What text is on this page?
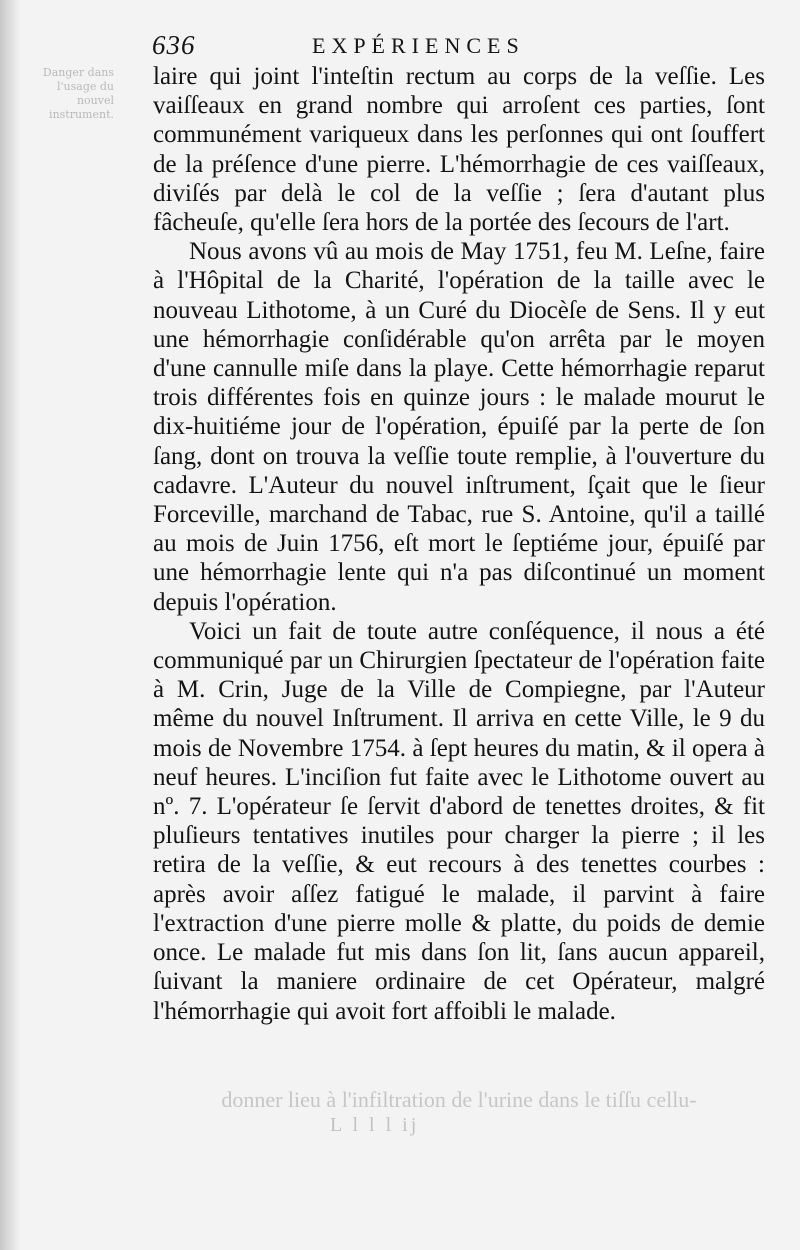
Danger dans l'usage du nouvel instrument.
636	EXPÉRIENCES

laire qui joint l'inteſtin rectum au corps de la veſſie. Les vaiſſeaux en grand nombre qui arroſent ces parties, ſont communément variqueux dans les perſonnes qui ont ſouffert de la préſence d'une pierre. L'hémorrhagie de ces vaiſſeaux, diviſés par delà le col de la veſſie ; ſera d'autant plus fâcheuſe, qu'elle ſera hors de la portée des ſecours de l'art.

Nous avons vû au mois de May 1751, feu M. Leſne, faire à l'Hôpital de la Charité, l'opération de la taille avec le nouveau Lithotome, à un Curé du Diocèſe de Sens. Il y eut une hémorrhagie conſidérable qu'on arrêta par le moyen d'une cannulle miſe dans la playe. Cette hémorrhagie reparut trois différentes fois en quinze jours : le malade mourut le dix-huitiéme jour de l'opération, épuiſé par la perte de ſon ſang, dont on trouva la veſſie toute remplie, à l'ouverture du cadavre. L'Auteur du nouvel inſtrument, ſçait que le ſieur Forceville, marchand de Tabac, rue S. Antoine, qu'il a taillé au mois de Juin 1756, eſt mort le ſeptiéme jour, épuiſé par une hémorrhagie lente qui n'a pas diſcontinué un moment depuis l'opération.

Voici un fait de toute autre conſéquence, il nous a été communiqué par un Chirurgien ſpectateur de l'opération faite à M. Crin, Juge de la Ville de Compiegne, par l'Auteur même du nouvel Inſtrument. Il arriva en cette Ville, le 9 du mois de Novembre 1754. à ſept heures du matin, & il opera à neuf heures. L'inciſion fut faite avec le Lithotome ouvert au nº. 7. L'opérateur ſe ſervit d'abord de tenettes droites, & fit pluſieurs tentatives inutiles pour charger la pierre ; il les retira de la veſſie, & eut recours à des tenettes courbes : après avoir aſſez fatigué le malade, il parvint à faire l'extraction d'une pierre molle & platte, du poids de demie once. Le malade fut mis dans ſon lit, ſans aucun appareil, ſuivant la maniere ordinaire de cet Opérateur, malgré l'hémorrhagie qui avoit fort affoibli le malade.

donner lieu à l'infiltration de l'urine dans le tiſſu cellu-
L l l l ij
